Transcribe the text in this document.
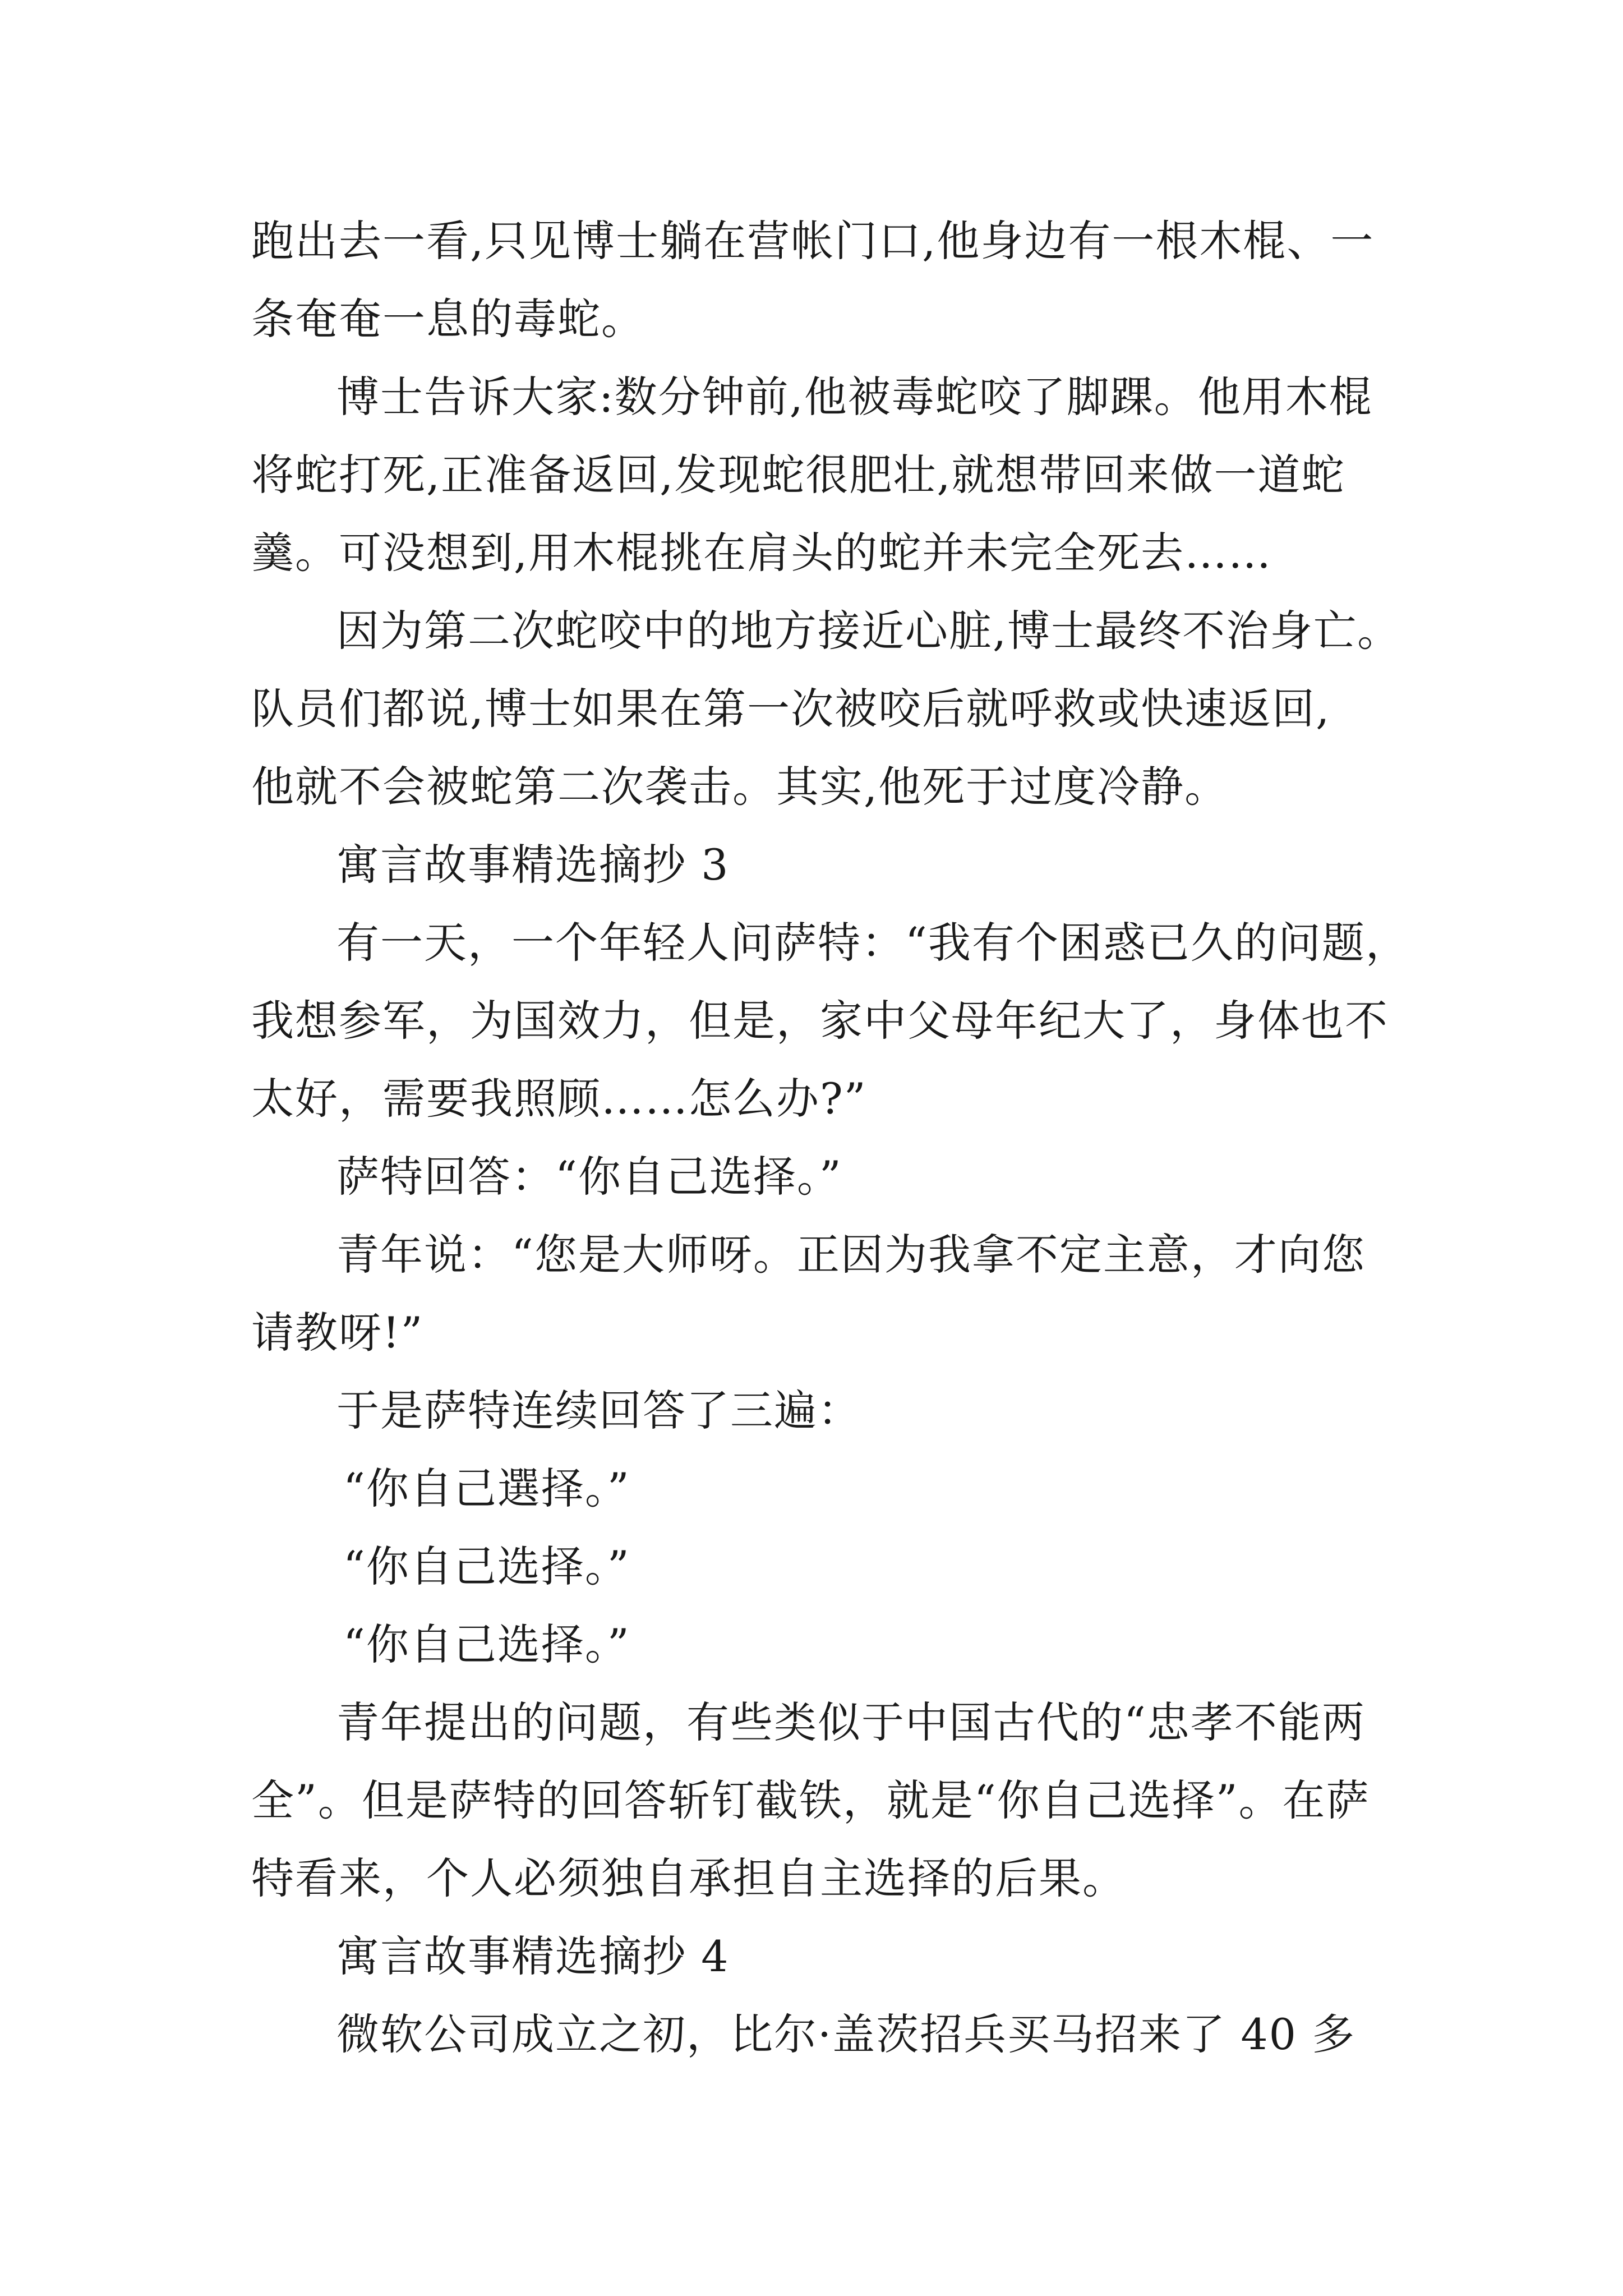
跑出去一看,只见博士躺在营帐门口,他身边有一根木棍、一
条奄奄一息的毒蛇。
博士告诉大家:数分钟前,他被毒蛇咬了脚踝。他用木棍
将蛇打死,正准备返回,发现蛇很肥壮,就想带回来做一道蛇
羹。可没想到,用木棍挑在肩头的蛇并未完全死去……
因为第二次蛇咬中的地方接近心脏,博士最终不治身亡。
队员们都说,博士如果在第一次被咬后就呼救或快速返回,
他就不会被蛇第二次袭击。其实,他死于过度冷静。
寓言故事精选摘抄 3
有一天，一个年轻人问萨特：“我有个困惑已久的问题，
我想参军，为国效力，但是，家中父母年纪大了，身体也不
太好，需要我照顾……怎么办?”
萨特回答：“你自己选择。”
青年说：“您是大师呀。正因为我拿不定主意，才向您
请教呀!”
于是萨特连续回答了三遍：
“你自己選择。”
“你自己选择。”
“你自己选择。”
青年提出的问题，有些类似于中国古代的“忠孝不能两
全”。但是萨特的回答斩钉截铁，就是“你自己选择”。在萨
特看来，个人必须独自承担自主选择的后果。
寓言故事精选摘抄 4
微软公司成立之初，比尔·盖茨招兵买马招来了 40 多
